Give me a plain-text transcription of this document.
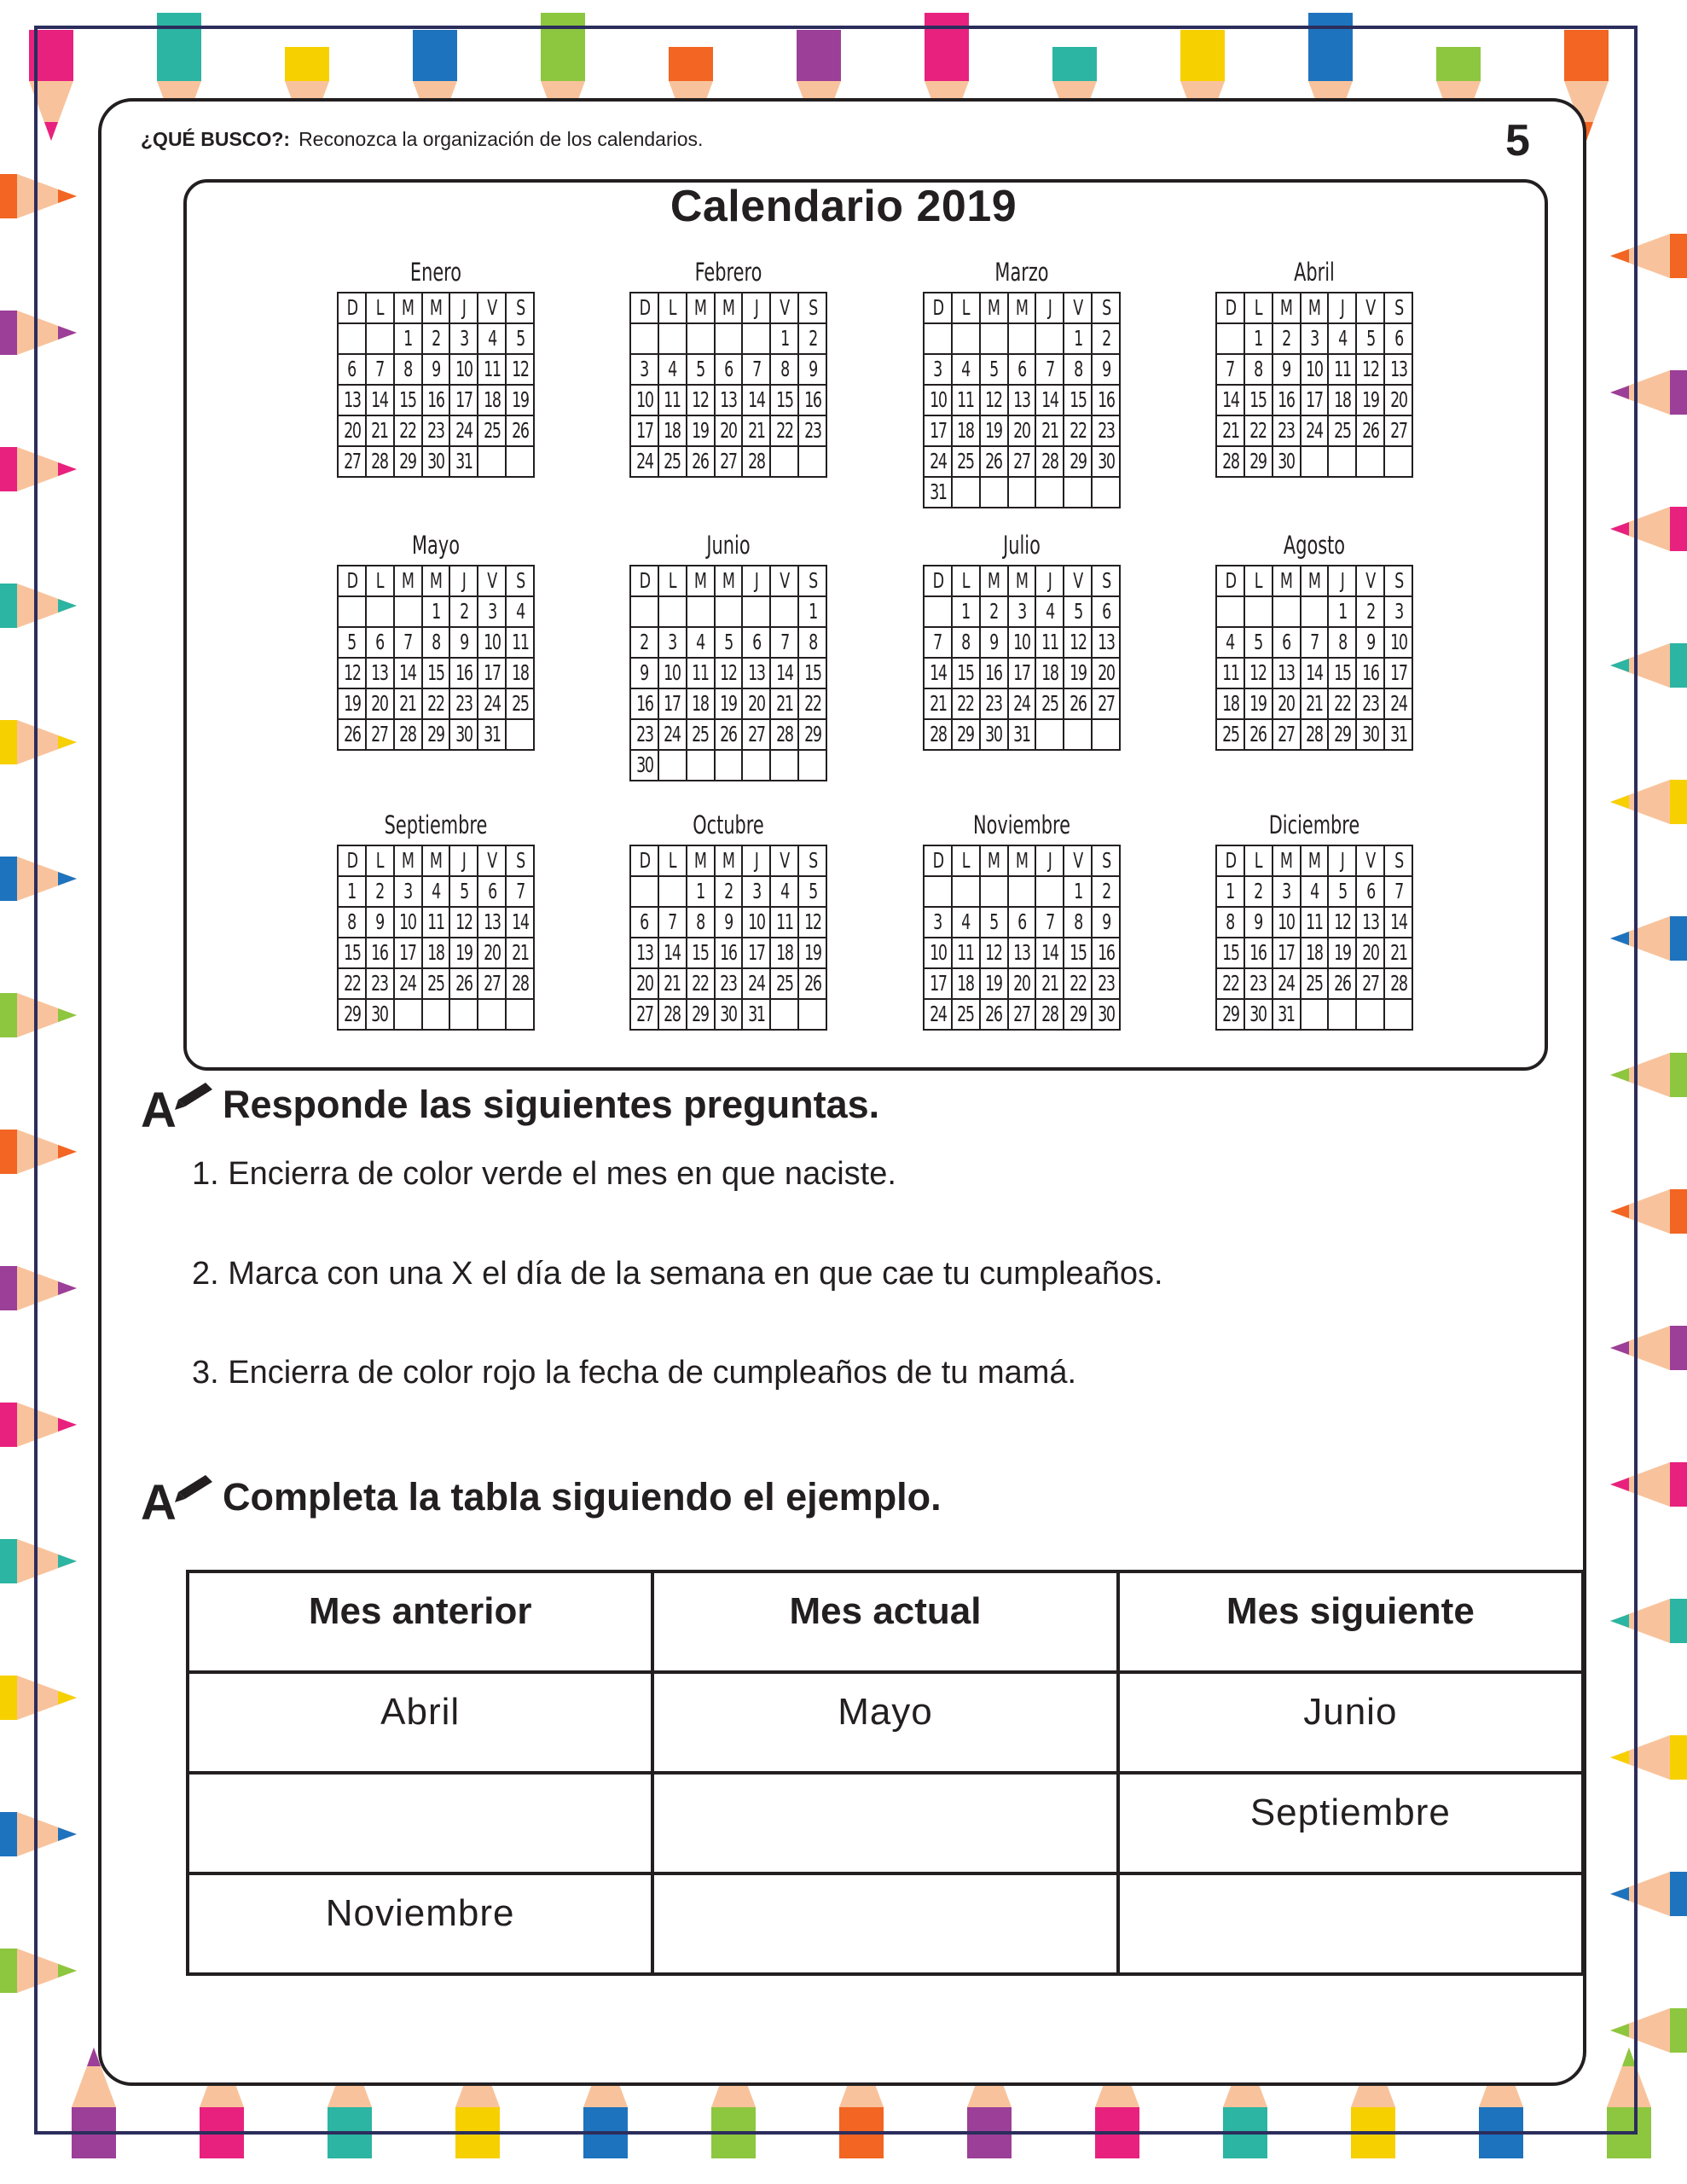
¿QUÉ BUSCO?: Reconozca la organización de los calendarios.	5
Calendario 2019
Enero
D	L	M	M	J	V	S
		1	2	3	4	5
6	7	8	9	10	11	12
13	14	15	16	17	18	19
20	21	22	23	24	25	26
27	28	29	30	31		
Febrero
D	L	M	M	J	V	S
					1	2
3	4	5	6	7	8	9
10	11	12	13	14	15	16
17	18	19	20	21	22	23
24	25	26	27	28		
Marzo
D	L	M	M	J	V	S
					1	2
3	4	5	6	7	8	9
10	11	12	13	14	15	16
17	18	19	20	21	22	23
24	25	26	27	28	29	30
31						
Abril
D	L	M	M	J	V	S
	1	2	3	4	5	6
7	8	9	10	11	12	13
14	15	16	17	18	19	20
21	22	23	24	25	26	27
28	29	30				
Mayo
D	L	M	M	J	V	S
			1	2	3	4
5	6	7	8	9	10	11
12	13	14	15	16	17	18
19	20	21	22	23	24	25
26	27	28	29	30	31	
Junio
D	L	M	M	J	V	S
						1
2	3	4	5	6	7	8
9	10	11	12	13	14	15
16	17	18	19	20	21	22
23	24	25	26	27	28	29
30						
Julio
D	L	M	M	J	V	S
	1	2	3	4	5	6
7	8	9	10	11	12	13
14	15	16	17	18	19	20
21	22	23	24	25	26	27
28	29	30	31			
Agosto
D	L	M	M	J	V	S
				1	2	3
4	5	6	7	8	9	10
11	12	13	14	15	16	17
18	19	20	21	22	23	24
25	26	27	28	29	30	31
Septiembre
D	L	M	M	J	V	S
1	2	3	4	5	6	7
8	9	10	11	12	13	14
15	16	17	18	19	20	21
22	23	24	25	26	27	28
29	30					
Octubre
D	L	M	M	J	V	S
		1	2	3	4	5
6	7	8	9	10	11	12
13	14	15	16	17	18	19
20	21	22	23	24	25	26
27	28	29	30	31		
Noviembre
D	L	M	M	J	V	S
					1	2
3	4	5	6	7	8	9
10	11	12	13	14	15	16
17	18	19	20	21	22	23
24	25	26	27	28	29	30
Diciembre
D	L	M	M	J	V	S
1	2	3	4	5	6	7
8	9	10	11	12	13	14
15	16	17	18	19	20	21
22	23	24	25	26	27	28
29	30	31				
A Responde las siguientes preguntas.
1. Encierra de color verde el mes en que naciste.
2. Marca con una X el día de la semana en que cae tu cumpleaños.
3. Encierra de color rojo la fecha de cumpleaños de tu mamá.
A Completa la tabla siguiendo el ejemplo.
Mes anterior	Mes actual	Mes siguiente
Abril	Mayo	Junio
		Septiembre
Noviembre		
